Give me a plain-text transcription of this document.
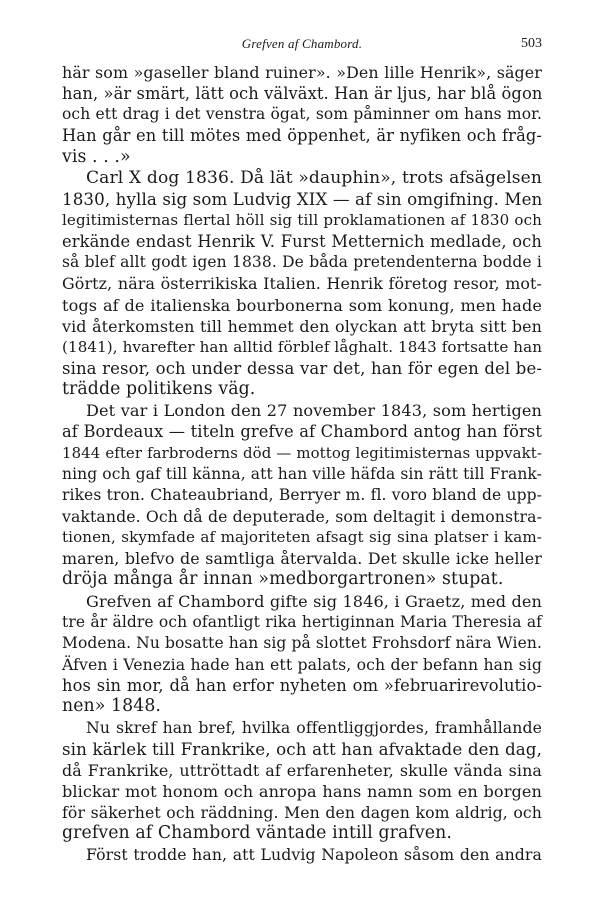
Grefven af Chambord.	503
här som »gaseller bland ruiner». »Den lille Henrik», säger
han, »är smärt, lätt och välväxt. Han är ljus, har blå ögon
och ett drag i det venstra ögat, som påminner om hans mor.
Han går en till mötes med öppenhet, är nyfiken och fråg-
vis . . .»
Carl X dog 1836. Då lät »dauphin», trots afsägelsen
1830, hylla sig som Ludvig XIX — af sin omgifning. Men
legitimisternas flertal höll sig till proklamationen af 1830 och
erkände endast Henrik V. Furst Metternich medlade, och
så blef allt godt igen 1838. De båda pretendenterna bodde i
Görtz, nära österrikiska Italien. Henrik företog resor, mot-
togs af de italienska bourbonerna som konung, men hade
vid återkomsten till hemmet den olyckan att bryta sitt ben
(1841), hvarefter han alltid förblef låghalt. 1843 fortsatte han
sina resor, och under dessa var det, han för egen del be-
trädde politikens väg.
Det var i London den 27 november 1843, som hertigen
af Bordeaux — titeln grefve af Chambord antog han först
1844 efter farbroderns död — mottog legitimisternas uppvakt-
ning och gaf till känna, att han ville häfda sin rätt till Frank-
rikes tron. Chateaubriand, Berryer m. fl. voro bland de upp-
vaktande. Och då de deputerade, som deltagit i demonstra-
tionen, skymfade af majoriteten afsagt sig sina platser i kam-
maren, blefvo de samtliga återvalda. Det skulle icke heller
dröja många år innan »medborgartronen» stupat.
Grefven af Chambord gifte sig 1846, i Graetz, med den
tre år äldre och ofantligt rika hertiginnan Maria Theresia af
Modena. Nu bosatte han sig på slottet Frohsdorf nära Wien.
Äfven i Venezia hade han ett palats, och der befann han sig
hos sin mor, då han erfor nyheten om »februarirevolutio-
nen» 1848.
Nu skref han bref, hvilka offentliggjordes, framhållande
sin kärlek till Frankrike, och att han afvaktade den dag,
då Frankrike, uttröttadt af erfarenheter, skulle vända sina
blickar mot honom och anropa hans namn som en borgen
för säkerhet och räddning. Men den dagen kom aldrig, och
grefven af Chambord väntade intill grafven.
Först trodde han, att Ludvig Napoleon såsom den andra
